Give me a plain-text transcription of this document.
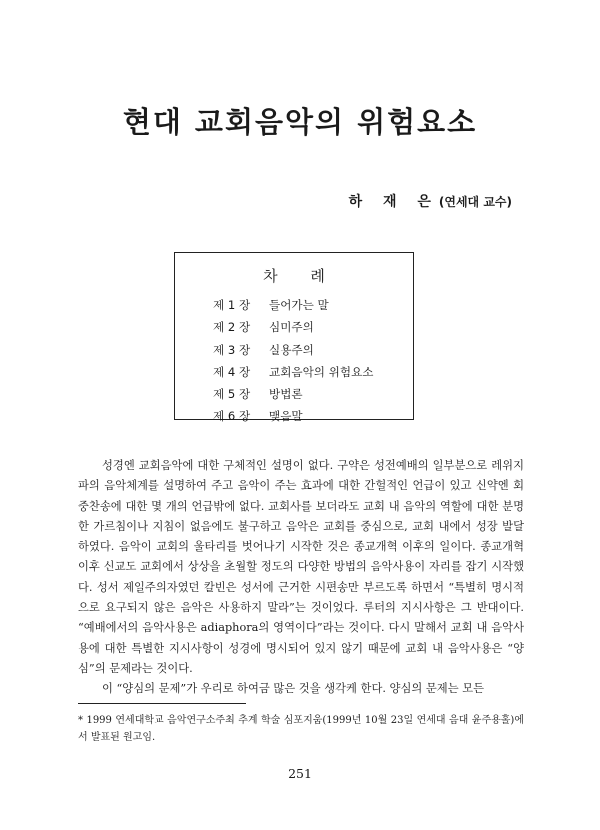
현대 교회음악의 위험요소
하 재 은(연세대 교수)
차 례
제 1 장 들어가는 말
제 2 장 심미주의
제 3 장 실용주의
제 4 장 교회음악의 위험요소
제 5 장 방법론
제 6 장 맺음말

성경엔 교회음악에 대한 구체적인 설명이 없다. 구약은 성전예배의 일부분으로 레위지파의 음악체계를 설명하여 주고 음악이 주는 효과에 대한 간헐적인 언급이 있고 신약엔 회중찬송에 대한 몇 개의 언급밖에 없다. 교회사를 보더라도 교회 내 음악의 역할에 대한 분명한 가르침이나 지침이 없음에도 불구하고 음악은 교회를 중심으로, 교회 내에서 성장 발달하였다. 음악이 교회의 울타리를 벗어나기 시작한 것은 종교개혁 이후의 일이다. 종교개혁 이후 신교도 교회에서 상상을 초월할 정도의 다양한 방법의 음악사용이 자리를 잡기 시작했다. 성서 제일주의자였던 칼빈은 성서에 근거한 시편송만 부르도록 하면서 “특별히 명시적으로 요구되지 않은 음악은 사용하지 말라”는 것이었다. 루터의 지시사항은 그 반대이다. “예배에서의 음악사용은 adiaphora의 영역이다”라는 것이다. 다시 말해서 교회 내 음악사용에 대한 특별한 지시사항이 성경에 명시되어 있지 않기 때문에 교회 내 음악사용은 “양심”의 문제라는 것이다.

이 “양심의 문제”가 우리로 하여금 많은 것을 생각케 한다. 양심의 문제는 모든

* 1999 연세대학교 음악연구소주최 추계 학술 심포지움(1999년 10월 23일 연세대 음대 윤주용홀)에서 발표된 원고임.
251
